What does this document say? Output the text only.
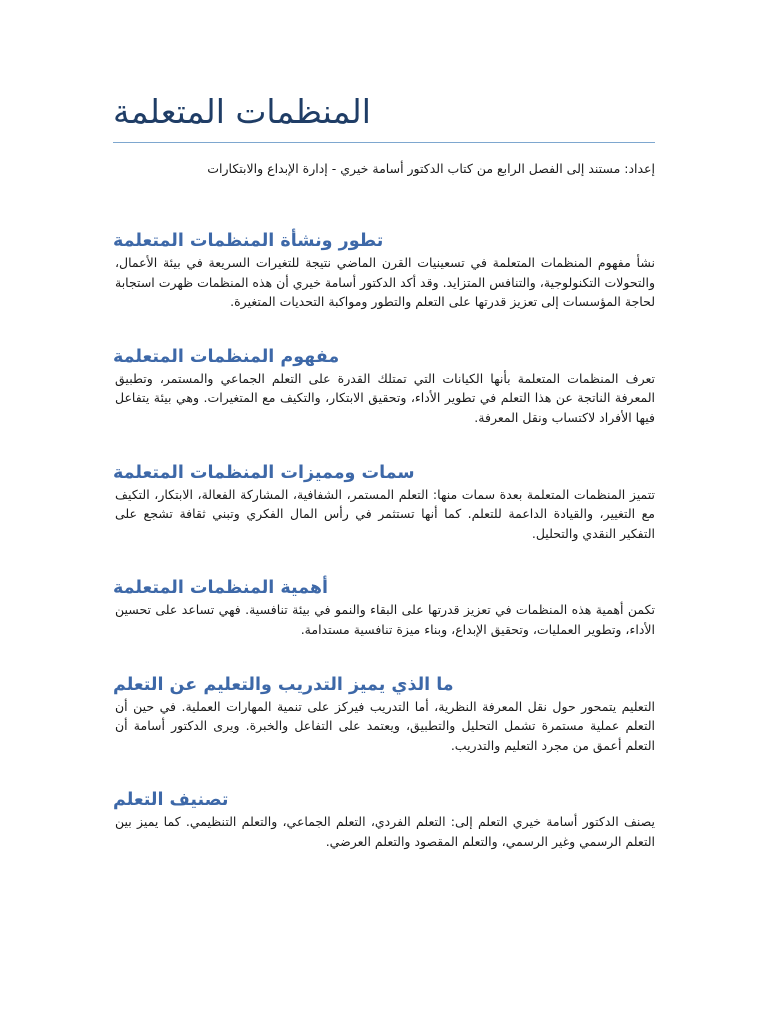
المنظمات المتعلمة

إعداد: مستند إلى الفصل الرابع من كتاب الدكتور أسامة خيري - إدارة الإبداع والابتكارات

تطور ونشأة المنظمات المتعلمة

نشأ مفهوم المنظمات المتعلمة في تسعينيات القرن الماضي نتيجة للتغيرات السريعة في بيئة الأعمال، والتحولات التكنولوجية، والتنافس المتزايد. وقد أكد الدكتور أسامة خيري أن هذه المنظمات ظهرت استجابة لحاجة المؤسسات إلى تعزيز قدرتها على التعلم والتطور ومواكبة التحديات المتغيرة.

مفهوم المنظمات المتعلمة

تعرف المنظمات المتعلمة بأنها الكيانات التي تمتلك القدرة على التعلم الجماعي والمستمر، وتطبيق المعرفة الناتجة عن هذا التعلم في تطوير الأداء، وتحقيق الابتكار، والتكيف مع المتغيرات. وهي بيئة يتفاعل فيها الأفراد لاكتساب ونقل المعرفة.

سمات ومميزات المنظمات المتعلمة

تتميز المنظمات المتعلمة بعدة سمات منها: التعلم المستمر، الشفافية، المشاركة الفعالة، الابتكار، التكيف مع التغيير، والقيادة الداعمة للتعلم. كما أنها تستثمر في رأس المال الفكري وتبني ثقافة تشجع على التفكير النقدي والتحليل.

أهمية المنظمات المتعلمة

تكمن أهمية هذه المنظمات في تعزيز قدرتها على البقاء والنمو في بيئة تنافسية. فهي تساعد على تحسين الأداء، وتطوير العمليات، وتحقيق الإبداع، وبناء ميزة تنافسية مستدامة.

ما الذي يميز التدريب والتعليم عن التعلم

التعليم يتمحور حول نقل المعرفة النظرية، أما التدريب فيركز على تنمية المهارات العملية. في حين أن التعلم عملية مستمرة تشمل التحليل والتطبيق، ويعتمد على التفاعل والخبرة. ويرى الدكتور أسامة أن التعلم أعمق من مجرد التعليم والتدريب.

تصنيف التعلم

يصنف الدكتور أسامة خيري التعلم إلى: التعلم الفردي، التعلم الجماعي، والتعلم التنظيمي. كما يميز بين التعلم الرسمي وغير الرسمي، والتعلم المقصود والتعلم العرضي.
